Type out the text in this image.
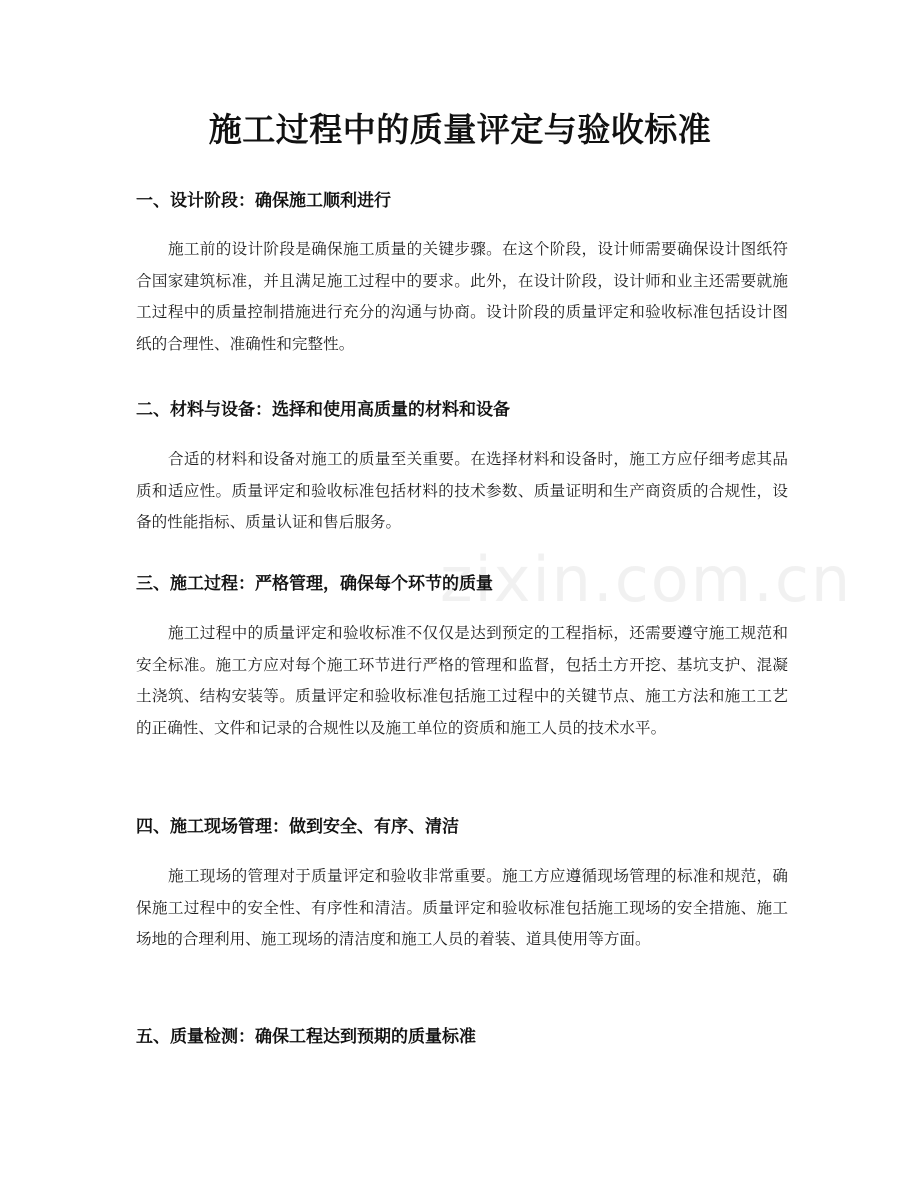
zixin.com.cn
施工过程中的质量评定与验收标准
一、设计阶段：确保施工顺利进行
施工前的设计阶段是确保施工质量的关键步骤。在这个阶段，设计师需要确保设计图纸符合国家建筑标准，并且满足施工过程中的要求。此外，在设计阶段，设计师和业主还需要就施工过程中的质量控制措施进行充分的沟通与协商。设计阶段的质量评定和验收标准包括设计图纸的合理性、准确性和完整性。
二、材料与设备：选择和使用高质量的材料和设备
合适的材料和设备对施工的质量至关重要。在选择材料和设备时，施工方应仔细考虑其品质和适应性。质量评定和验收标准包括材料的技术参数、质量证明和生产商资质的合规性，设备的性能指标、质量认证和售后服务。
三、施工过程：严格管理，确保每个环节的质量
施工过程中的质量评定和验收标准不仅仅是达到预定的工程指标，还需要遵守施工规范和安全标准。施工方应对每个施工环节进行严格的管理和监督，包括土方开挖、基坑支护、混凝土浇筑、结构安装等。质量评定和验收标准包括施工过程中的关键节点、施工方法和施工工艺的正确性、文件和记录的合规性以及施工单位的资质和施工人员的技术水平。
四、施工现场管理：做到安全、有序、清洁
施工现场的管理对于质量评定和验收非常重要。施工方应遵循现场管理的标准和规范，确保施工过程中的安全性、有序性和清洁。质量评定和验收标准包括施工现场的安全措施、施工场地的合理利用、施工现场的清洁度和施工人员的着装、道具使用等方面。
五、质量检测：确保工程达到预期的质量标准
